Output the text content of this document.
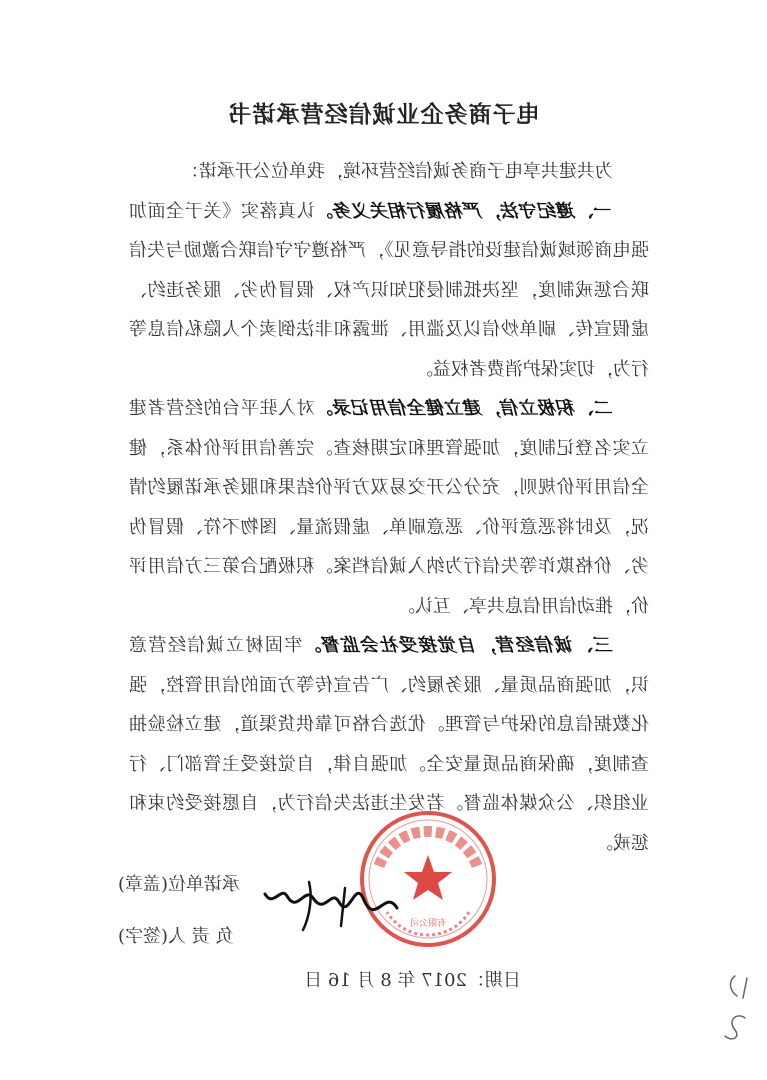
电子商务企业诚信经营承诺书

为共建共享电子商务诚信经营环境，我单位公开承诺：

一、遵纪守法，严格履行相关义务。认真落实《关于全面加强电商领域诚信建设的指导意见》，严格遵守守信联合激励与失信联合惩戒制度，坚决抵制侵犯知识产权、假冒伪劣、服务违约、虚假宣传、刷单炒信以及滥用、泄露和非法倒卖个人隐私信息等行为，切实保护消费者权益。

二、积极立信，建立健全信用记录。对入驻平台的经营者建立实名登记制度，加强管理和定期核查。完善信用评价体系，健全信用评价规则，充分公开交易双方评价结果和服务承诺履约情况，及时将恶意评价、恶意刷单、虚假流量、图物不符、假冒伪劣、价格欺诈等失信行为纳入诚信档案。积极配合第三方信用评价，推动信用信息共享、互认。

三、诚信经营，自觉接受社会监督。牢固树立诚信经营意识，加强商品质量、服务履约、广告宣传等方面的信用管控，强化数据信息的保护与管理。优选合格可靠供货渠道，建立检验抽查制度，确保商品质量安全。加强自律，自觉接受主管部门、行业组织、公众媒体监督。若发生违法失信行为，自愿接受约束和惩戒。

有限公司
承诺单位(盖章)
负 责 人(签字)
日期：2017 年 8 月 16 日
